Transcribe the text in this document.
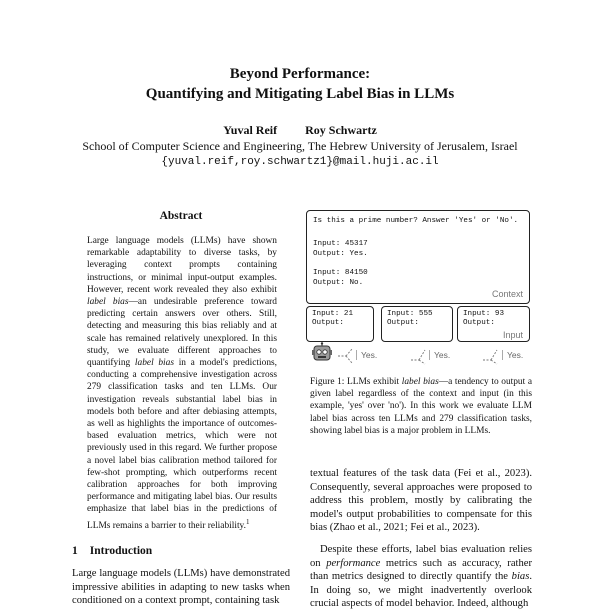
Beyond Performance:
Quantifying and Mitigating Label Bias in LLMs
Yuval Reif Roy Schwartz
School of Computer Science and Engineering, The Hebrew University of Jerusalem, Israel
{yuval.reif,roy.schwartz1}@mail.huji.ac.il
Abstract

Large language models (LLMs) have shown remarkable adaptability to diverse tasks, by leveraging context prompts containing instructions, or minimal input-output examples. However, recent work revealed they also exhibit label bias—an undesirable preference toward predicting certain answers over others. Still, detecting and measuring this bias reliably and at scale has remained relatively unexplored. In this study, we evaluate different approaches to quantifying label bias in a model's predictions, conducting a comprehensive investigation across 279 classification tasks and ten LLMs. Our investigation reveals substantial label bias in models both before and after debiasing attempts, as well as highlights the importance of outcomes-based evaluation metrics, which were not previously used in this regard. We further propose a novel label bias calibration method tailored for few-shot prompting, which outperforms recent calibration approaches for both improving performance and mitigating label bias. Our results emphasize that label bias in the predictions of LLMs remains a barrier to their reliability.$^1$

1 Introduction
Large language models (LLMs) have demonstrated impressive abilities in adapting to new tasks when conditioned on a context prompt, containing task
Is this a prime number? Answer 'Yes' or 'No'.
Input: 45317
Output: Yes.
Input: 84150
Output: No.
Context
Input: 21
Output:
Input: 555
Output:
Input: 93
Output:
Input
Yes.	Yes.	Yes.

Figure 1: LLMs exhibit label bias—a tendency to output a given label regardless of the context and input (in this example, 'yes' over 'no'). In this work we evaluate LLM label bias across ten LLMs and 279 classification tasks, showing label bias is a major problem in LLMs.

textual features of the task data (Fei et al., 2023). Consequently, several approaches were proposed to address this problem, mostly by calibrating the model's output probabilities to compensate for this bias (Zhao et al., 2021; Fei et al., 2023).

Despite these efforts, label bias evaluation relies on performance metrics such as accuracy, rather than metrics designed to directly quantify the bias. In doing so, we might inadvertently overlook crucial aspects of model behavior. Indeed, although
